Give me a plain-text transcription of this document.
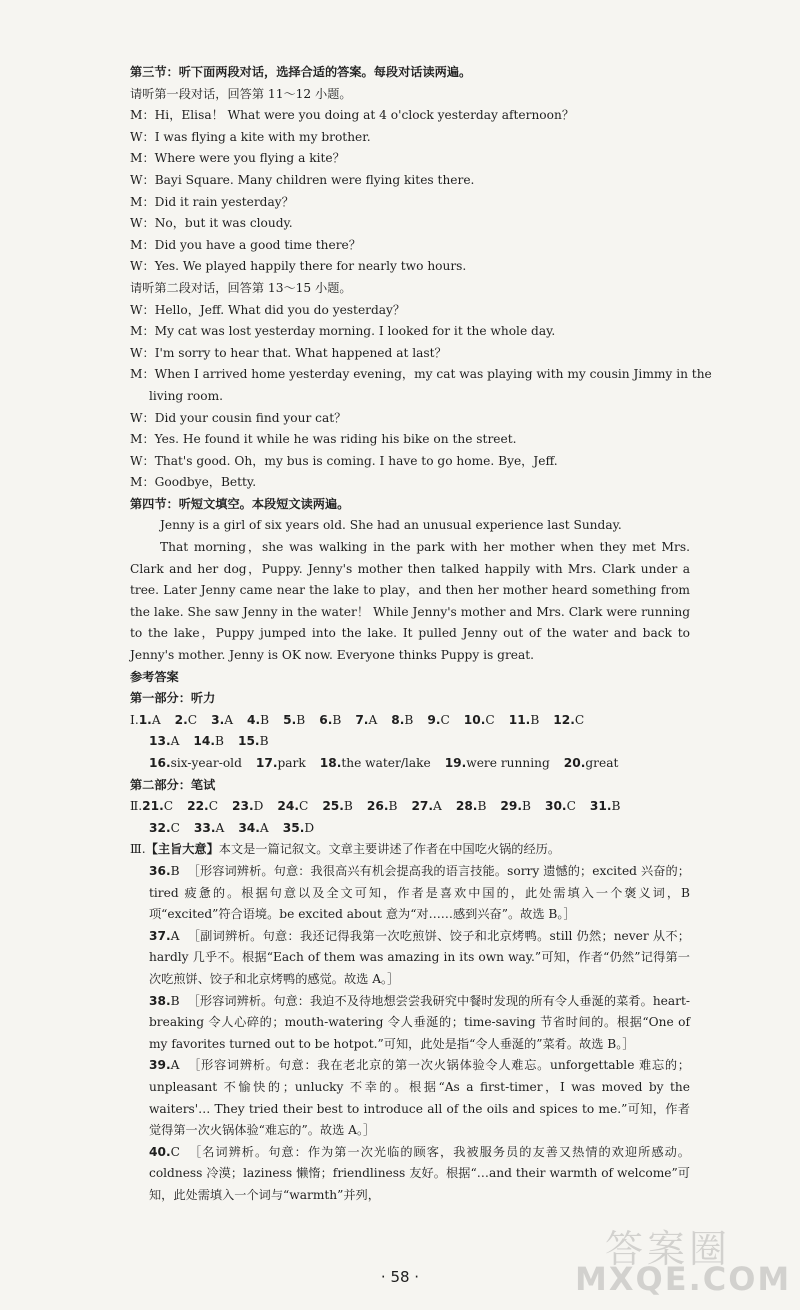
第三节：听下面两段对话，选择合适的答案。每段对话读两遍。
请听第一段对话，回答第 11～12 小题。
M：Hi，Elisa！ What were you doing at 4 o'clock yesterday afternoon？
W：I was flying a kite with my brother.
M：Where were you flying a kite？
W：Bayi Square. Many children were flying kites there.
M：Did it rain yesterday？
W：No，but it was cloudy.
M：Did you have a good time there？
W：Yes. We played happily there for nearly two hours.
请听第二段对话，回答第 13～15 小题。
W：Hello，Jeff. What did you do yesterday？
M：My cat was lost yesterday morning. I looked for it the whole day.
W：I'm sorry to hear that. What happened at last？
M：When I arrived home yesterday evening，my cat was playing with my cousin Jimmy in the
living room.
W：Did your cousin find your cat？
M：Yes. He found it while he was riding his bike on the street.
W：That's good. Oh，my bus is coming. I have to go home. Bye，Jeff.
M：Goodbye，Betty.
第四节：听短文填空。本段短文读两遍。
Jenny is a girl of six years old. She had an unusual experience last Sunday.
That morning，she was walking in the park with her mother when they met Mrs. Clark and her dog，Puppy. Jenny's mother then talked happily with Mrs. Clark under a tree. Later Jenny came near the lake to play，and then her mother heard something from the lake. She saw Jenny in the water！ While Jenny's mother and Mrs. Clark were running to the lake，Puppy jumped into the lake. It pulled Jenny out of the water and back to Jenny's mother. Jenny is OK now. Everyone thinks Puppy is great.
参考答案
第一部分：听力
Ⅰ.1.A 2.C 3.A 4.B 5.B 6.B 7.A 8.B 9.C 10.C 11.B 12.C
13.A 14.B 15.B
16.six-year-old 17.park 18.the water/lake 19.were running 20.great
第二部分：笔试
Ⅱ.21.C 22.C 23.D 24.C 25.B 26.B 27.A 28.B 29.B 30.C 31.B
32.C 33.A 34.A 35.D
Ⅲ.【主旨大意】本文是一篇记叙文。文章主要讲述了作者在中国吃火锅的经历。
36.B ［形容词辨析。句意：我很高兴有机会提高我的语言技能。sorry 遗憾的；excited 兴奋的；tired 疲惫的。根据句意以及全文可知，作者是喜欢中国的，此处需填入一个褒义词，B 项“excited”符合语境。be excited about 意为“对……感到兴奋”。故选 B。］
37.A ［副词辨析。句意：我还记得我第一次吃煎饼、饺子和北京烤鸭。still 仍然；never 从不；hardly 几乎不。根据“Each of them was amazing in its own way.”可知，作者“仍然”记得第一次吃煎饼、饺子和北京烤鸭的感觉。故选 A。］
38.B ［形容词辨析。句意：我迫不及待地想尝尝我研究中餐时发现的所有令人垂涎的菜肴。heart-breaking 令人心碎的；mouth-watering 令人垂涎的；time-saving 节省时间的。根据“One of my favorites turned out to be hotpot.”可知，此处是指“令人垂涎的”菜肴。故选 B。］
39.A ［形容词辨析。句意：我在老北京的第一次火锅体验令人难忘。unforgettable 难忘的；unpleasant 不愉快的；unlucky 不幸的。根据“As a first-timer，I was moved by the waiters'… They tried their best to introduce all of the oils and spices to me.”可知，作者觉得第一次火锅体验“难忘的”。故选 A。］
40.C ［名词辨析。句意：作为第一次光临的顾客，我被服务员的友善又热情的欢迎所感动。coldness 冷漠；laziness 懒惰；friendliness 友好。根据“…and their warmth of welcome”可知，此处需填入一个词与“warmth”并列，
· 58 ·
答案圈
MXQE.COM
